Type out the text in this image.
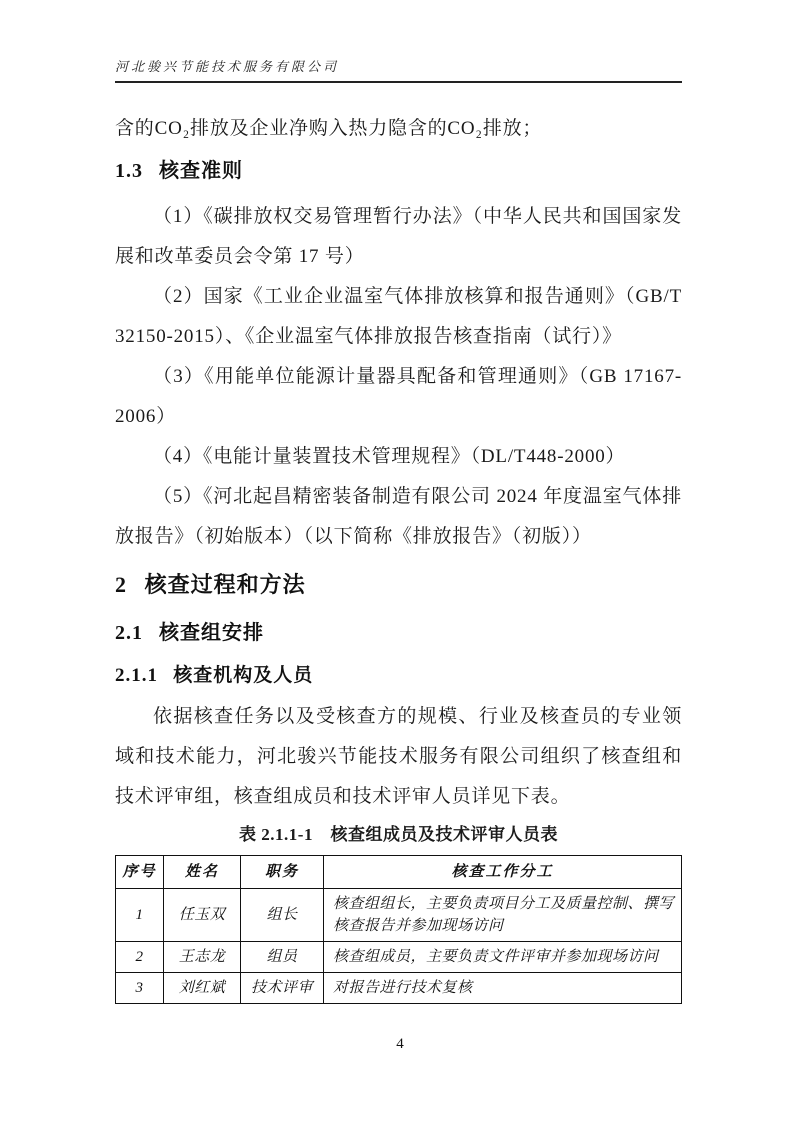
河北骏兴节能技术服务有限公司

含的CO₂排放及企业净购入热力隐含的CO₂排放；

1.3 核查准则

（1）《碳排放权交易管理暂行办法》（中华人民共和国国家发展和改革委员会令第 17 号）

（2）国家《工业企业温室气体排放核算和报告通则》（GB/T 32150-2015）、《企业温室气体排放报告核查指南（试行）》

（3）《用能单位能源计量器具配备和管理通则》（GB 17167-2006）

（4）《电能计量装置技术管理规程》（DL/T448-2000）

（5）《河北起昌精密装备制造有限公司 2024 年度温室气体排放报告》（初始版本）（以下简称《排放报告》（初版））

2 核查过程和方法
2.1 核查组安排
2.1.1 核查机构及人员

依据核查任务以及受核查方的规模、行业及核查员的专业领域和技术能力，河北骏兴节能技术服务有限公司组织了核查组和技术评审组，核查组成员和技术评审人员详见下表。

表 2.1.1-1　核查组成员及技术评审人员表
序号	姓名	职务	核查工作分工
1	任玉双	组长	核查组组长，主要负责项目分工及质量控制、撰写核查报告并参加现场访问
2	王志龙	组员	核查组成员，主要负责文件评审并参加现场访问
3	刘红斌	技术评审	对报告进行技术复核
4
